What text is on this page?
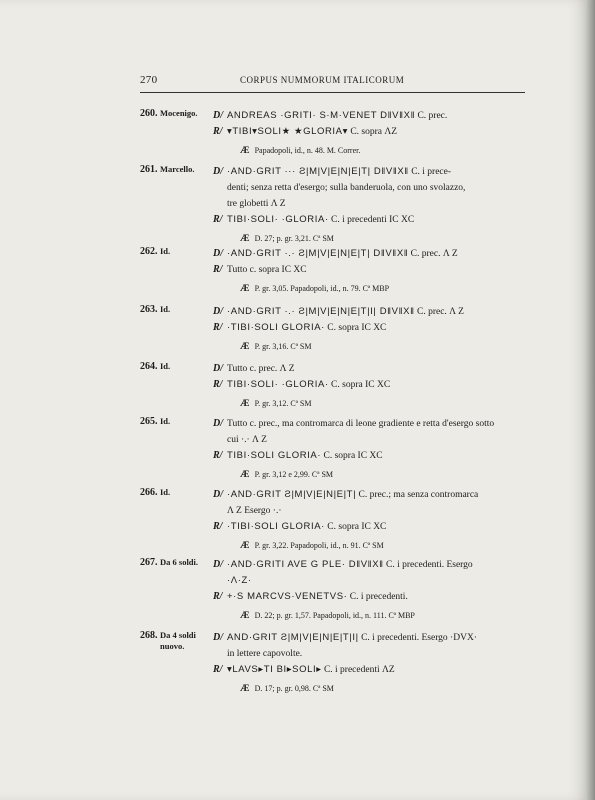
270	CORPUS NUMMORUM ITALICORUM
260. Mocenigo. D/ ANDREAS ·GRITI· S·M·VENET D‖V‖X‖ C. prec.
R/ ▾TIBI▾SOLI★ ★GLORIA▾ C. sopra ΛZ
Æ Papadopoli, id., n. 48. M. Correr.
261. Marcello. D/ ·AND·GRIT ··· Ƨ|M|V|E|N|E|T| D‖V‖X‖ C. i prece-
denti; senza retta d'esergo; sulla banderuola, con uno svolazzo,
tre globetti Λ Z
R/ TIBI·SOLI· ·GLORIA· C. i precedenti IC XC
Æ D. 27; p. gr. 3,21. Cª SM
262. Id.	D/ ·AND·GRIT ·.· Ƨ|M|V|E|N|E|T| D‖V‖X‖ C. prec. Λ Z
R/ Tutto c. sopra IC XC
Æ P. gr. 3,05. Papadopoli, id., n. 79. Cª MBP
263. Id.	D/ ·AND·GRIT ·.· Ƨ|M|V|E|N|E|T|I| D‖V‖X‖ C. prec. Λ Z
R/ ·TIBI·SOLI GLORIA· C. sopra IC XC
Æ P. gr. 3,16. Cª SM
264. Id.	D/ Tutto c. prec. Λ Z
R/ TIBI·SOLI· ·GLORIA· C. sopra IC XC
Æ P. gr. 3,12. Cª SM
265. Id.	D/ Tutto c. prec., ma contromarca di leone gradiente e retta d'esergo sotto
cui ·.· Λ Z
R/ TIBI·SOLI GLORIA· C. sopra IC XC
Æ P. gr. 3,12 e 2,99. Cª SM
266. Id.	D/ ·AND·GRIT Ƨ|M|V|E|N|E|T| C. prec.; ma senza contromarca
Λ Z Esergo ·.·
R/ ·TIBI·SOLI GLORIA· C. sopra IC XC
Æ P. gr. 3,22. Papadopoli, id., n. 91. Cª SM
267. Da 6 soldi. D/ ·AND·GRITI AVE G PLE· D‖V‖X‖ C. i precedenti. Esergo
·Λ·Z·
R/ +·S MARCVS·VENETVS· C. i precedenti.
Æ D. 22; p. gr. 1,57. Papadopoli, id., n. 111. Cª MBP
268. Da 4 soldi nuovo.
D/ AND·GRIT Ƨ|M|V|E|N|E|T|I| C. i precedenti. Esergo ·DVX·
in lettere capovolte.
R/ ▾LAVS▸TI BI▸SOLI▸ C. i precedenti ΛZ
Æ D. 17; p. gr. 0,98. Cª SM
